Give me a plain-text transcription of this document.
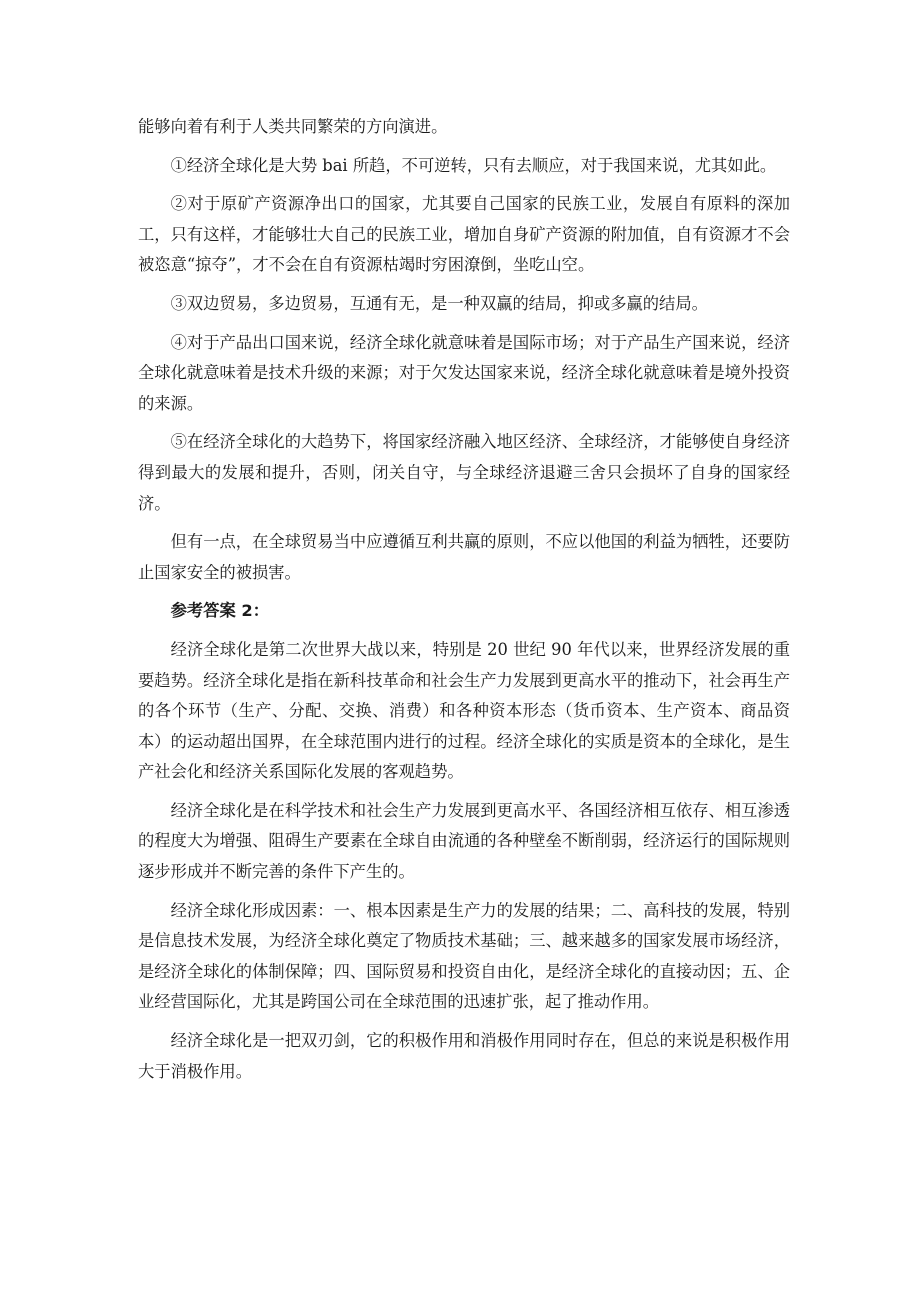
能够向着有利于人类共同繁荣的方向演进。

①经济全球化是大势 bai 所趋，不可逆转，只有去顺应，对于我国来说，尤其如此。

②对于原矿产资源净出口的国家，尤其要自己国家的民族工业，发展自有原料的深加工，只有这样，才能够壮大自己的民族工业，增加自身矿产资源的附加值，自有资源才不会被恣意“掠夺”，才不会在自有资源枯竭时穷困潦倒，坐吃山空。

③双边贸易，多边贸易，互通有无，是一种双赢的结局，抑或多赢的结局。

④对于产品出口国来说，经济全球化就意味着是国际市场；对于产品生产国来说，经济全球化就意味着是技术升级的来源；对于欠发达国家来说，经济全球化就意味着是境外投资的来源。

⑤在经济全球化的大趋势下，将国家经济融入地区经济、全球经济，才能够使自身经济得到最大的发展和提升，否则，闭关自守，与全球经济退避三舍只会损坏了自身的国家经济。

但有一点，在全球贸易当中应遵循互利共赢的原则，不应以他国的利益为牺牲，还要防止国家安全的被损害。

参考答案 2：

经济全球化是第二次世界大战以来，特别是 20 世纪 90 年代以来，世界经济发展的重要趋势。经济全球化是指在新科技革命和社会生产力发展到更高水平的推动下，社会再生产的各个环节（生产、分配、交换、消费）和各种资本形态（货币资本、生产资本、商品资本）的运动超出国界，在全球范围内进行的过程。经济全球化的实质是资本的全球化，是生产社会化和经济关系国际化发展的客观趋势。

经济全球化是在科学技术和社会生产力发展到更高水平、各国经济相互依存、相互渗透的程度大为增强、阻碍生产要素在全球自由流通的各种壁垒不断削弱，经济运行的国际规则逐步形成并不断完善的条件下产生的。

经济全球化形成因素：一、根本因素是生产力的发展的结果；二、高科技的发展，特别是信息技术发展，为经济全球化奠定了物质技术基础；三、越来越多的国家发展市场经济，是经济全球化的体制保障；四、国际贸易和投资自由化，是经济全球化的直接动因；五、企业经营国际化，尤其是跨国公司在全球范围的迅速扩张，起了推动作用。

经济全球化是一把双刃剑，它的积极作用和消极作用同时存在，但总的来说是积极作用大于消极作用。
